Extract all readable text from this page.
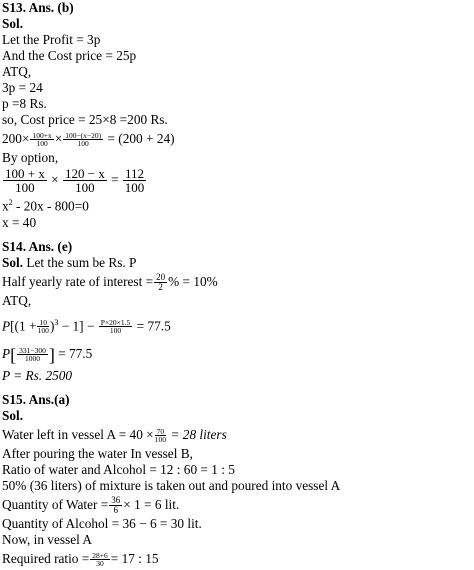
S13. Ans. (b)
Sol.
Let the Profit = 3p
And the Cost price = 25p
ATQ,
3p = 24
p =8 Rs.
so, Cost price = 25×8 =200 Rs.
$200\times \frac{100+x}{100} \times \frac{100-(x-20)}{100} = (200 + 24)$
By option,
$\frac{100 + x}{100} \times \frac{120 - x}{100} = \frac{112}{100}$
$x^2 - 20x - 800=0$
x = 40
S14. Ans. (e)
Sol. Let the sum be Rs. P
Half yearly rate of interest = $\frac{20}{2}$ % = 10%
ATQ,
$P[(1 + \frac{10}{100} )^3 - 1] - \frac{P\times 20\times 1.5}{100} = 77.5$
$P[ \frac{331-300}{1000}$ ] = 77.5
P = Rs. 2500
S15. Ans.(a)
Sol.
Water left in vessel $A = 40 \times \frac{70}{100} = 28$ liters
After pouring the water In vessel B,
Ratio of water and Alcohol = 12 : 60 = 1 : 5
50% (36 liters) of mixture is taken out and poured into vessel A
Quantity of Water = $\frac{36}{6} \times 1 = 6$ lit.
Quantity of Alcohol = 36 − 6 = 30 lit.
Now, in vessel A
Required ratio = $\frac{28+6}{30} = 17$ : 15
